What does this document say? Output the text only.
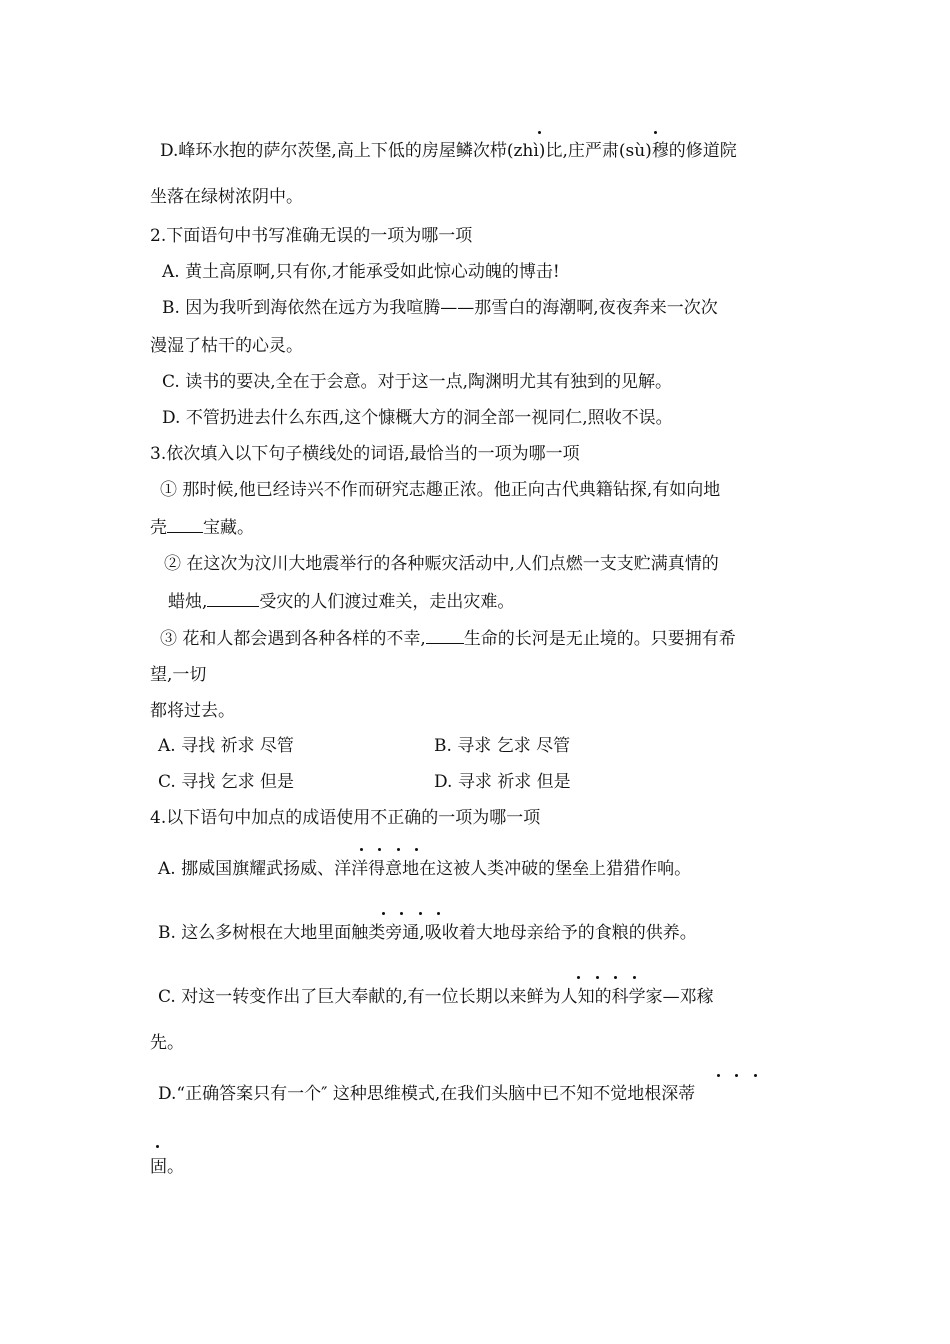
D.峰环水抱的萨尔茨堡,高上下低的房屋鳞次栉(zhì)比,庄严肃(sù)穆的修道院
坐落在绿树浓阴中。
2.下面语句中书写准确无误的一项为哪一项
A. 黄土高原啊,只有你,才能承受如此惊心动魄的博击!
B. 因为我听到海依然在远方为我喧腾——那雪白的海潮啊,夜夜奔来一次次
漫湿了枯干的心灵。
C. 读书的要决,全在于会意。对于这一点,陶渊明尤其有独到的见解。
D. 不管扔进去什么东西,这个慷概大方的洞全部一视同仁,照收不误。
3.依次填入以下句子横线处的词语,最恰当的一项为哪一项
① 那时候,他已经诗兴不作而研究志趣正浓。他正向古代典籍钻探,有如向地
壳 宝藏。
② 在这次为汶川大地震举行的各种赈灾活动中,人们点燃一支支贮满真情的
蜡烛,	受灾的人们渡过难关，走出灾难。
③ 花和人都会遇到各种各样的不幸, 生命的长河是无止境的。只要拥有希
望,一切
都将过去。
A. 寻找 祈求 尽管	B. 寻求 乞求 尽管
C. 寻找 乞求 但是	D. 寻求 祈求 但是
4.以下语句中加点的成语使用不正确的一项为哪一项
A. 挪威国旗耀武扬威、洋洋得意地在这被人类冲破的堡垒上猎猎作响。
B. 这么多树根在大地里面触类旁通,吸收着大地母亲给予的食粮的供养。
C. 对这一转变作出了巨大奉献的,有一位长期以来鲜为人知的科学家—邓稼
先。
D.“正确答案只有一个″ 这种思维模式,在我们头脑中已不知不觉地根深蒂
固。
